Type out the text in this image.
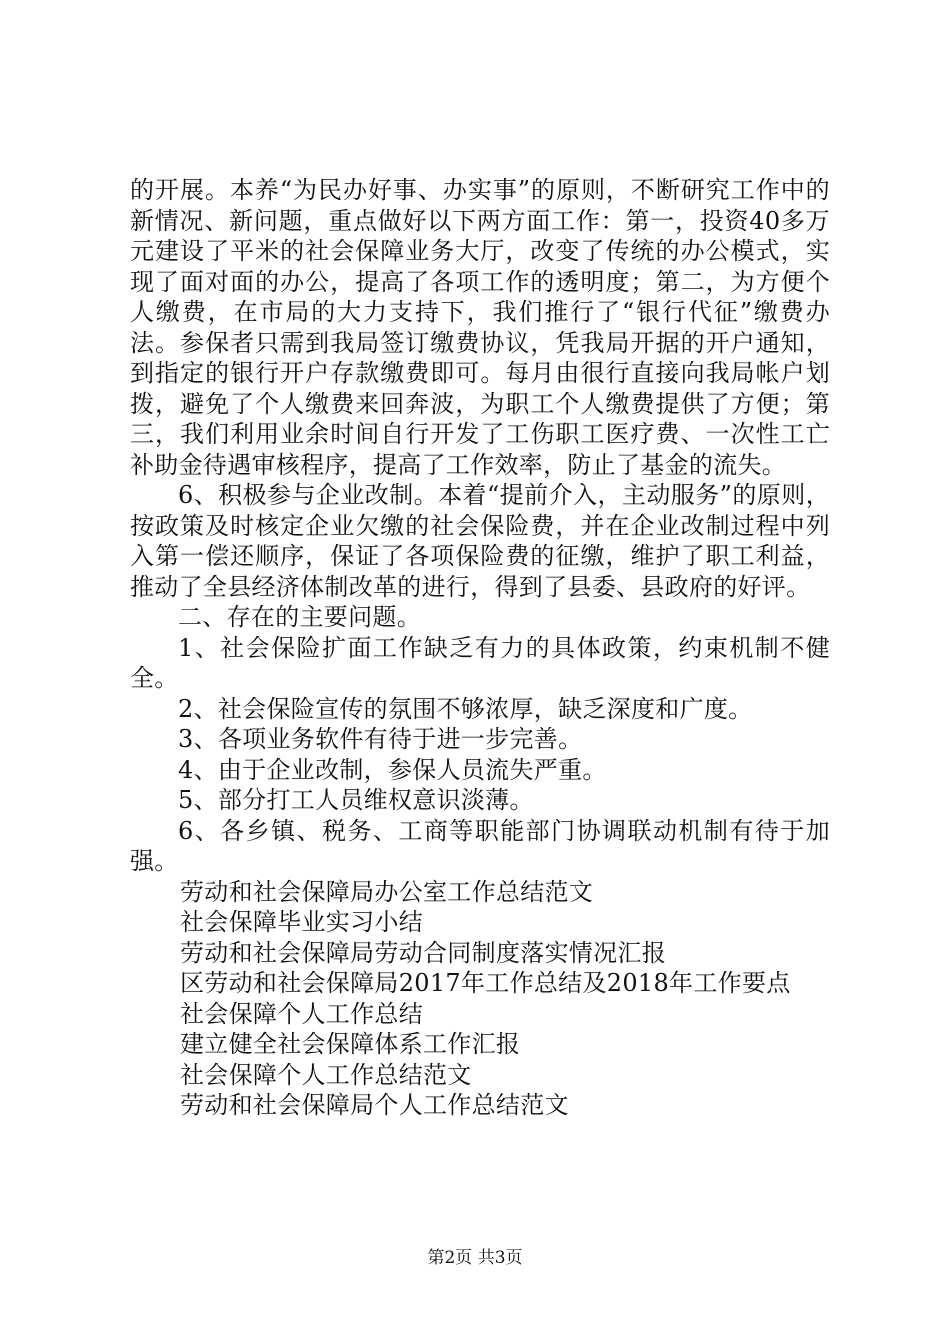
的开展。本养“为民办好事、办实事”的原则，不断研究工作中的新情况、新问题，重点做好以下两方面工作：第一，投资40多万元建设了平米的社会保障业务大厅，改变了传统的办公模式，实现了面对面的办公，提高了各项工作的透明度；第二，为方便个人缴费，在市局的大力支持下，我们推行了“银行代征”缴费办法。参保者只需到我局签订缴费协议，凭我局开据的开户通知，到指定的银行开户存款缴费即可。每月由很行直接向我局帐户划拨，避免了个人缴费来回奔波，为职工个人缴费提供了方便；第三，我们利用业余时间自行开发了工伤职工医疗费、一次性工亡补助金待遇审核程序，提高了工作效率，防止了基金的流失。

6、积极参与企业改制。本着“提前介入，主动服务”的原则，按政策及时核定企业欠缴的社会保险费，并在企业改制过程中列入第一偿还顺序，保证了各项保险费的征缴，维护了职工利益，推动了全县经济体制改革的进行，得到了县委、县政府的好评。

二、存在的主要问题。

1、社会保险扩面工作缺乏有力的具体政策，约束机制不健全。

2、社会保险宣传的氛围不够浓厚，缺乏深度和广度。

3、各项业务软件有待于进一步完善。

4、由于企业改制，参保人员流失严重。

5、部分打工人员维权意识淡薄。

6、各乡镇、税务、工商等职能部门协调联动机制有待于加强。

劳动和社会保障局办公室工作总结范文
社会保障毕业实习小结
劳动和社会保障局劳动合同制度落实情况汇报
区劳动和社会保障局2017年工作总结及2018年工作要点
社会保障个人工作总结
建立健全社会保障体系工作汇报
社会保障个人工作总结范文
劳动和社会保障局个人工作总结范文
第2页 共3页
